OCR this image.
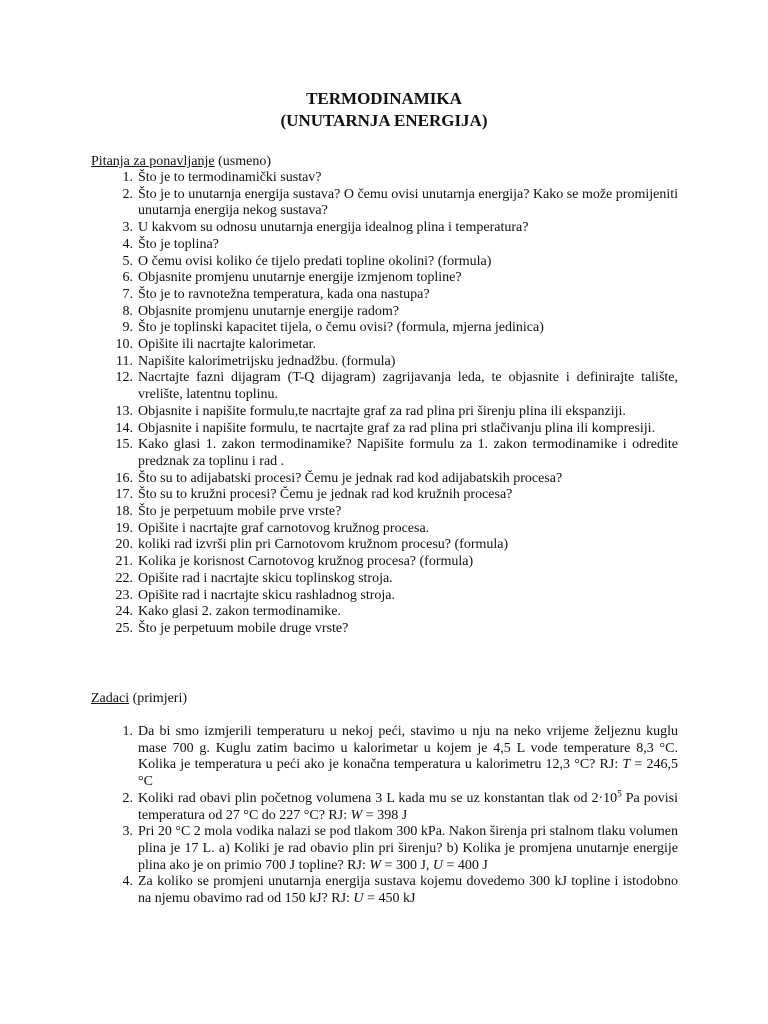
TERMODINAMIKA
(UNUTARNJA ENERGIJA)
Pitanja za ponavljanje (usmeno)
1. Što je to termodinamički sustav?
2. Što je to unutarnja energija sustava? O čemu ovisi unutarnja energija? Kako se može promijeniti unutarnja energija nekog sustava?
3. U kakvom su odnosu unutarnja energija idealnog plina i temperatura?
4. Što je toplina?
5. O čemu ovisi koliko će tijelo predati topline okolini? (formula)
6. Objasnite promjenu unutarnje energije izmjenom topline?
7. Što je to ravnotežna temperatura, kada ona nastupa?
8. Objasnite promjenu unutarnje energije radom?
9. Što je toplinski kapacitet tijela, o čemu ovisi? (formula, mjerna jedinica)
10. Opišite ili nacrtajte kalorimetar.
11. Napišite kalorimetrijsku jednadžbu. (formula)
12. Nacrtajte fazni dijagram (T-Q dijagram) zagrijavanja leda, te objasnite i definirajte talište, vrelište, latentnu toplinu.
13. Objasnite i napišite formulu,te nacrtajte graf za rad plina pri širenju plina ili ekspanziji.
14. Objasnite i napišite formulu, te nacrtajte graf za rad plina pri stlačivanju plina ili kompresiji.
15. Kako glasi 1. zakon termodinamike? Napišite formulu za 1. zakon termodinamike i odredite predznak za toplinu i rad .
16. Što su to adijabatski procesi? Čemu je jednak rad kod adijabatskih procesa?
17. Što su to kružni procesi? Čemu je jednak rad kod kružnih procesa?
18. Što je perpetuum mobile prve vrste?
19. Opišite i nacrtajte graf carnotovog kružnog procesa.
20. koliki rad izvrši plin pri Carnotovom kružnom procesu? (formula)
21. Kolika je korisnost Carnotovog kružnog procesa? (formula)
22. Opišite rad i nacrtajte skicu toplinskog stroja.
23. Opišite rad i nacrtajte skicu rashladnog stroja.
24. Kako glasi 2. zakon termodinamike.
25. Što je perpetuum mobile druge vrste?
Zadaci (primjeri)
1. Da bi smo izmjerili temperaturu u nekoj peći, stavimo u nju na neko vrijeme željeznu kuglu mase 700 g. Kuglu zatim bacimo u kalorimetar u kojem je 4,5 L vode temperature 8,3 °C. Kolika je temperatura u peći ako je konačna temperatura u kalorimetru 12,3 °C? RJ: T = 246,5 °C
2. Koliki rad obavi plin početnog volumena 3 L kada mu se uz konstantan tlak od $2\cdot 10^5$ Pa povisi temperatura od 27 °C do 227 °C? RJ: W = 398 J
3. Pri 20 °C 2 mola vodika nalazi se pod tlakom 300 kPa. Nakon širenja pri stalnom tlaku volumen plina je 17 L. a) Koliki je rad obavio plin pri širenju? b) Kolika je promjena unutarnje energije plina ako je on primio 700 J topline? RJ: W = 300 J, U = 400 J
4. Za koliko se promjeni unutarnja energija sustava kojemu dovedemo 300 kJ topline i istodobno na njemu obavimo rad od 150 kJ? RJ: U = 450 kJ
